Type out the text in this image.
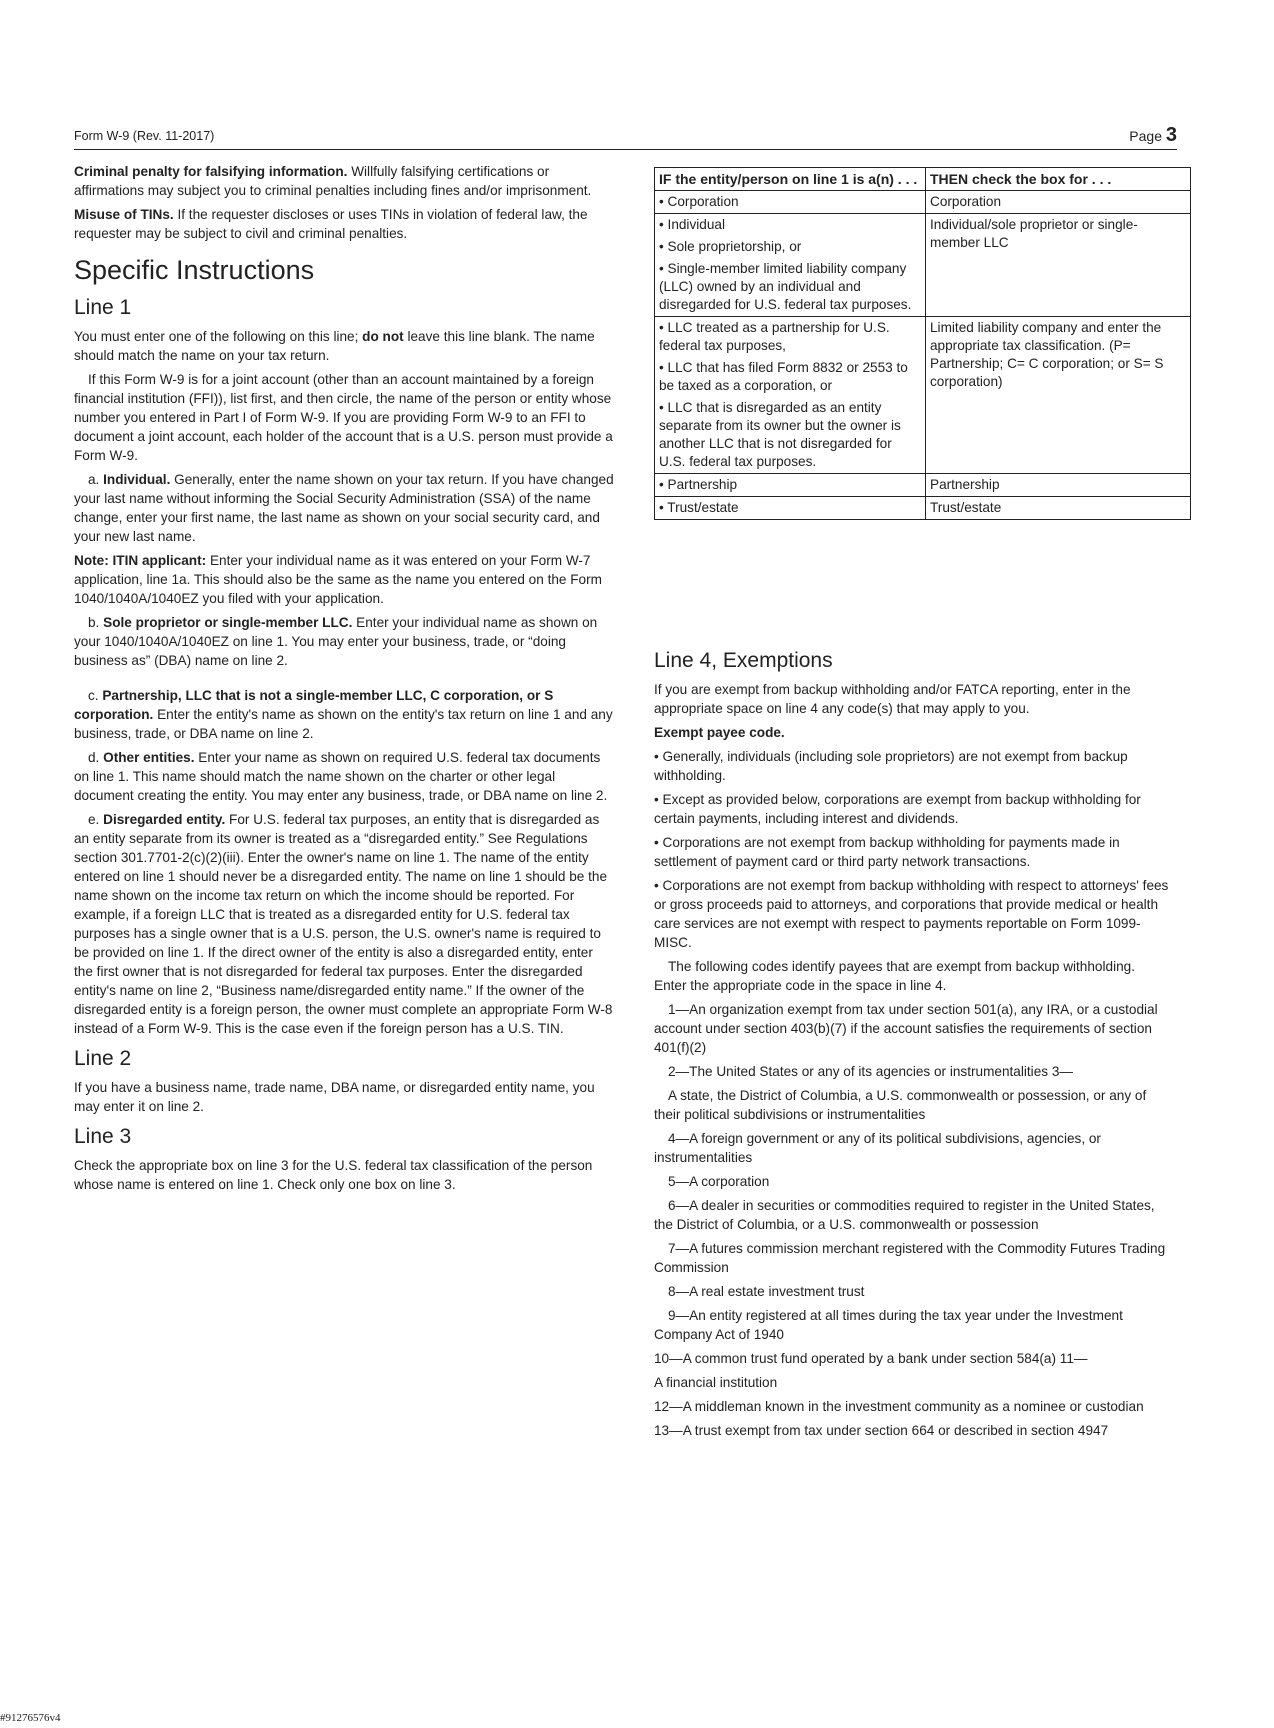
Form W-9 (Rev. 11-2017)	Page 3

Criminal penalty for falsifying information. Willfully falsifying certifications or affirmations may subject you to criminal penalties including fines and/or imprisonment.

Misuse of TINs. If the requester discloses or uses TINs in violation of federal law, the requester may be subject to civil and criminal penalties.

Specific Instructions
Line 1

You must enter one of the following on this line; do not leave this line blank. The name should match the name on your tax return.

If this Form W-9 is for a joint account (other than an account maintained by a foreign financial institution (FFI)), list first, and then circle, the name of the person or entity whose number you entered in Part I of Form W-9. If you are providing Form W-9 to an FFI to document a joint account, each holder of the account that is a U.S. person must provide a Form W-9.

a. Individual. Generally, enter the name shown on your tax return. If you have changed your last name without informing the Social Security Administration (SSA) of the name change, enter your first name, the last name as shown on your social security card, and your new last name.

Note: ITIN applicant: Enter your individual name as it was entered on your Form W-7 application, line 1a. This should also be the same as the name you entered on the Form 1040/1040A/1040EZ you filed with your application.

b. Sole proprietor or single-member LLC. Enter your individual name as shown on your 1040/1040A/1040EZ on line 1. You may enter your business, trade, or “doing business as” (DBA) name on line 2.

c. Partnership, LLC that is not a single-member LLC, C corporation, or S corporation. Enter the entity's name as shown on the entity's tax return on line 1 and any business, trade, or DBA name on line 2.

d. Other entities. Enter your name as shown on required U.S. federal tax documents on line 1. This name should match the name shown on the charter or other legal document creating the entity. You may enter any business, trade, or DBA name on line 2.

e. Disregarded entity. For U.S. federal tax purposes, an entity that is disregarded as an entity separate from its owner is treated as a “disregarded entity.” See Regulations section 301.7701-2(c)(2)(iii). Enter the owner's name on line 1. The name of the entity entered on line 1 should never be a disregarded entity. The name on line 1 should be the name shown on the income tax return on which the income should be reported. For example, if a foreign LLC that is treated as a disregarded entity for U.S. federal tax purposes has a single owner that is a U.S. person, the U.S. owner's name is required to be provided on line 1. If the direct owner of the entity is also a disregarded entity, enter the first owner that is not disregarded for federal tax purposes. Enter the disregarded entity's name on line 2, “Business name/disregarded entity name.” If the owner of the disregarded entity is a foreign person, the owner must complete an appropriate Form W-8 instead of a Form W-9. This is the case even if the foreign person has a U.S. TIN.

Line 2

If you have a business name, trade name, DBA name, or disregarded entity name, you may enter it on line 2.

Line 3

Check the appropriate box on line 3 for the U.S. federal tax classification of the person whose name is entered on line 1. Check only one box on line 3.

IF the entity/person on line 1 is a(n) . . .	THEN check the box for . . .
• Corporation	Corporation

• Individual
• Sole proprietorship, or
• Single-member limited liability company (LLC) owned by an individual and disregarded for U.S. federal tax purposes.	Individual/sole proprietor or single-member LLC

• LLC treated as a partnership for U.S. federal tax purposes,
• LLC that has filed Form 8832 or 2553 to be taxed as a corporation, or
• LLC that is disregarded as an entity separate from its owner but the owner is another LLC that is not disregarded for U.S. federal tax purposes.	Limited liability company and enter the appropriate tax classification. (P= Partnership; C= C corporation; or S= S corporation)
• Partnership	Partnership
• Trust/estate	Trust/estate
Line 4, Exemptions

If you are exempt from backup withholding and/or FATCA reporting, enter in the appropriate space on line 4 any code(s) that may apply to you.

Exempt payee code.

• Generally, individuals (including sole proprietors) are not exempt from backup withholding.

• Except as provided below, corporations are exempt from backup withholding for certain payments, including interest and dividends.

• Corporations are not exempt from backup withholding for payments made in settlement of payment card or third party network transactions.

• Corporations are not exempt from backup withholding with respect to attorneys' fees or gross proceeds paid to attorneys, and corporations that provide medical or health care services are not exempt with respect to payments reportable on Form 1099-MISC.

The following codes identify payees that are exempt from backup withholding. Enter the appropriate code in the space in line 4.

1—An organization exempt from tax under section 501(a), any IRA, or a custodial account under section 403(b)(7) if the account satisfies the requirements of section 401(f)(2)

2—The United States or any of its agencies or instrumentalities 3—

A state, the District of Columbia, a U.S. commonwealth or possession, or any of their political subdivisions or instrumentalities

4—A foreign government or any of its political subdivisions, agencies, or instrumentalities

5—A corporation

6—A dealer in securities or commodities required to register in the United States, the District of Columbia, or a U.S. commonwealth or possession

7—A futures commission merchant registered with the Commodity Futures Trading Commission

8—A real estate investment trust

9—An entity registered at all times during the tax year under the Investment Company Act of 1940

10—A common trust fund operated by a bank under section 584(a) 11—

A financial institution

12—A middleman known in the investment community as a nominee or custodian

13—A trust exempt from tax under section 664 or described in section 4947

#91276576v4
